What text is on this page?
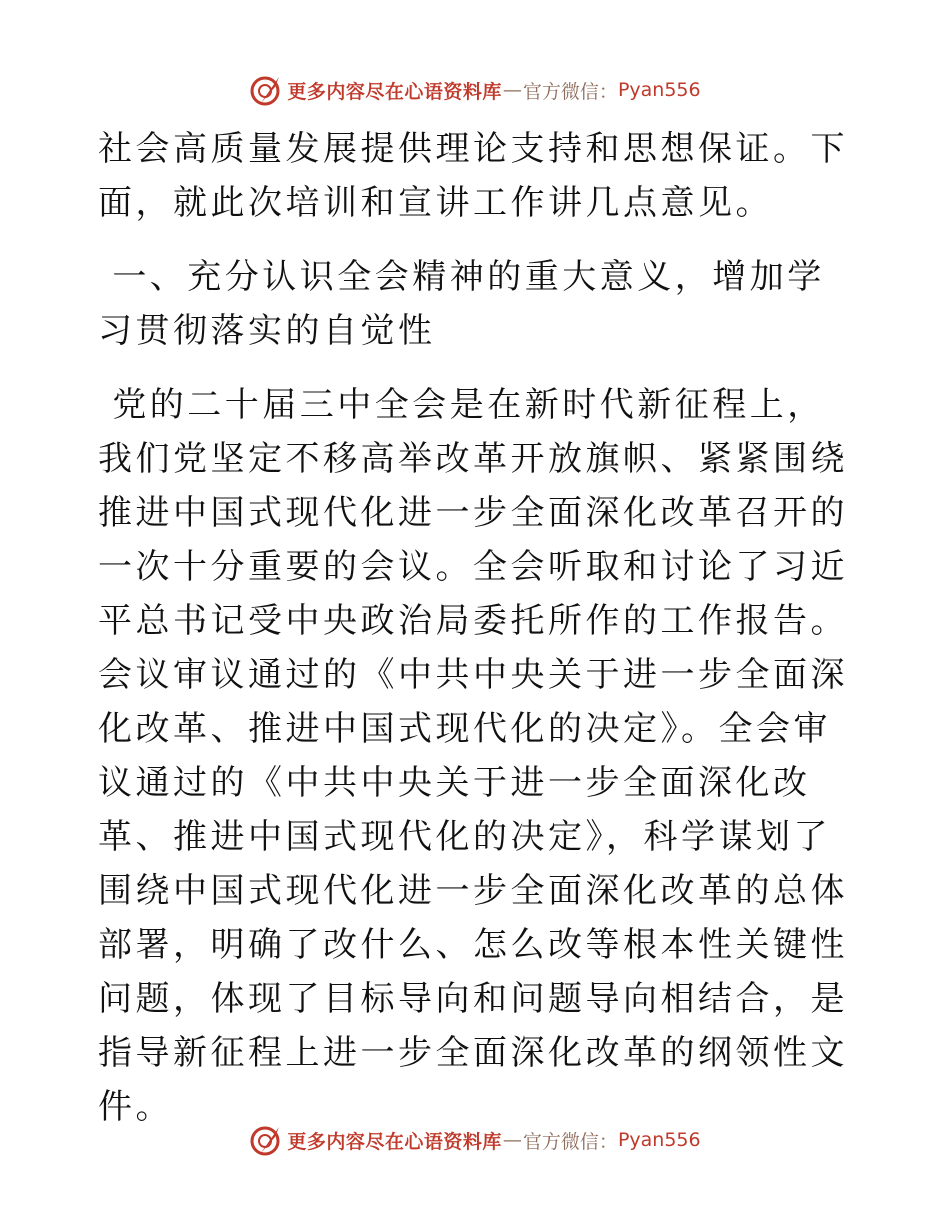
更多内容尽在心语资料库 — 官方微信： Pyan556

社会高质量发展提供理论支持和思想保证。下面，就此次培训和宣讲工作讲几点意见。

一、充分认识全会精神的重大意义，增加学习贯彻落实的自觉性

党的二十届三中全会是在新时代新征程上，我们党坚定不移高举改革开放旗帜、紧紧围绕推进中国式现代化进一步全面深化改革召开的一次十分重要的会议。全会听取和讨论了习近平总书记受中央政治局委托所作的工作报告。会议审议通过的《中共中央关于进一步全面深化改革、推进中国式现代化的决定》。全会审议通过的《中共中央关于进一步全面深化改革、推进中国式现代化的决定》，科学谋划了围绕中国式现代化进一步全面深化改革的总体部署，明确了改什么、怎么改等根本性关键性问题，体现了目标导向和问题导向相结合，是指导新征程上进一步全面深化改革的纲领性文件。

更多内容尽在心语资料库 — 官方微信： Pyan556
